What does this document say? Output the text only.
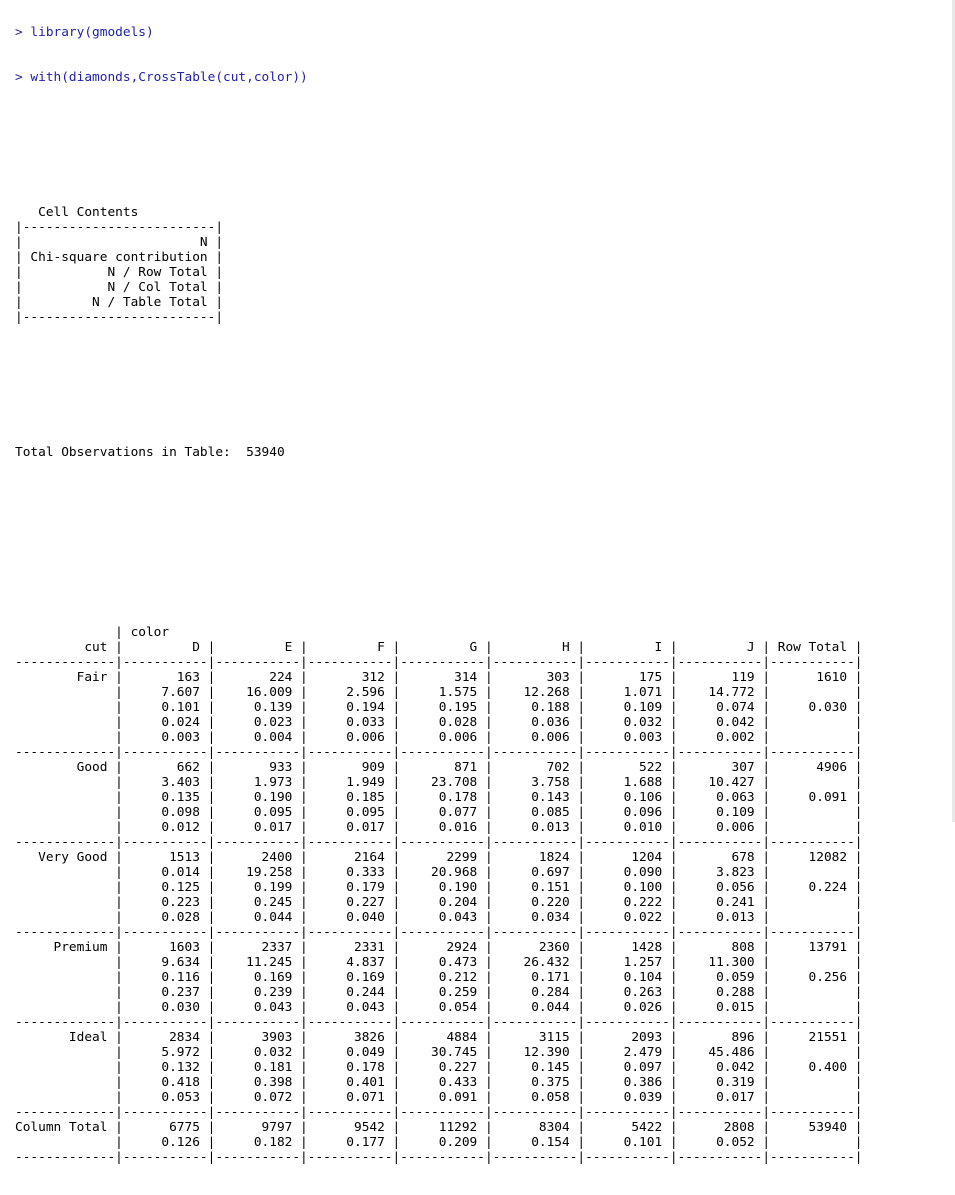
> library(gmodels)

> with(diamonds,CrossTable(cut,color))

Cell Contents
|-------------------------|
|                       N |
| Chi-square contribution |
|           N / Row Total |
|           N / Col Total |
|         N / Table Total |
|-------------------------|

Total Observations in Table:  53940

| color
cut |         D |         E |         F |         G |         H |         I |         J | Row Total |
-------------|-----------|-----------|-----------|-----------|-----------|-----------|-----------|-----------|
Fair |       163 |       224 |       312 |       314 |       303 |       175 |       119 |      1610 |
|     7.607 |    16.009 |     2.596 |     1.575 |    12.268 |     1.071 |    14.772 |           |
|     0.101 |     0.139 |     0.194 |     0.195 |     0.188 |     0.109 |     0.074 |     0.030 |
|     0.024 |     0.023 |     0.033 |     0.028 |     0.036 |     0.032 |     0.042 |           |
|     0.003 |     0.004 |     0.006 |     0.006 |     0.006 |     0.003 |     0.002 |           |
-------------|-----------|-----------|-----------|-----------|-----------|-----------|-----------|-----------|
Good |       662 |       933 |       909 |       871 |       702 |       522 |       307 |      4906 |
|     3.403 |     1.973 |     1.949 |    23.708 |     3.758 |     1.688 |    10.427 |           |
|     0.135 |     0.190 |     0.185 |     0.178 |     0.143 |     0.106 |     0.063 |     0.091 |
|     0.098 |     0.095 |     0.095 |     0.077 |     0.085 |     0.096 |     0.109 |           |
|     0.012 |     0.017 |     0.017 |     0.016 |     0.013 |     0.010 |     0.006 |           |
-------------|-----------|-----------|-----------|-----------|-----------|-----------|-----------|-----------|
Very Good |      1513 |      2400 |      2164 |      2299 |      1824 |      1204 |       678 |     12082 |
|     0.014 |    19.258 |     0.333 |    20.968 |     0.697 |     0.090 |     3.823 |           |
|     0.125 |     0.199 |     0.179 |     0.190 |     0.151 |     0.100 |     0.056 |     0.224 |
|     0.223 |     0.245 |     0.227 |     0.204 |     0.220 |     0.222 |     0.241 |           |
|     0.028 |     0.044 |     0.040 |     0.043 |     0.034 |     0.022 |     0.013 |           |
-------------|-----------|-----------|-----------|-----------|-----------|-----------|-----------|-----------|
Premium |      1603 |      2337 |      2331 |      2924 |      2360 |      1428 |       808 |     13791 |
|     9.634 |    11.245 |     4.837 |     0.473 |    26.432 |     1.257 |    11.300 |           |
|     0.116 |     0.169 |     0.169 |     0.212 |     0.171 |     0.104 |     0.059 |     0.256 |
|     0.237 |     0.239 |     0.244 |     0.259 |     0.284 |     0.263 |     0.288 |           |
|     0.030 |     0.043 |     0.043 |     0.054 |     0.044 |     0.026 |     0.015 |           |
-------------|-----------|-----------|-----------|-----------|-----------|-----------|-----------|-----------|
Ideal |      2834 |      3903 |      3826 |      4884 |      3115 |      2093 |       896 |     21551 |
|     5.972 |     0.032 |     0.049 |    30.745 |    12.390 |     2.479 |    45.486 |           |
|     0.132 |     0.181 |     0.178 |     0.227 |     0.145 |     0.097 |     0.042 |     0.400 |
|     0.418 |     0.398 |     0.401 |     0.433 |     0.375 |     0.386 |     0.319 |           |
|     0.053 |     0.072 |     0.071 |     0.091 |     0.058 |     0.039 |     0.017 |           |
-------------|-----------|-----------|-----------|-----------|-----------|-----------|-----------|-----------|
Column Total |      6775 |      9797 |      9542 |     11292 |      8304 |      5422 |      2808 |     53940 |
|     0.126 |     0.182 |     0.177 |     0.209 |     0.154 |     0.101 |     0.052 |           |
-------------|-----------|-----------|-----------|-----------|-----------|-----------|-----------|-----------|
